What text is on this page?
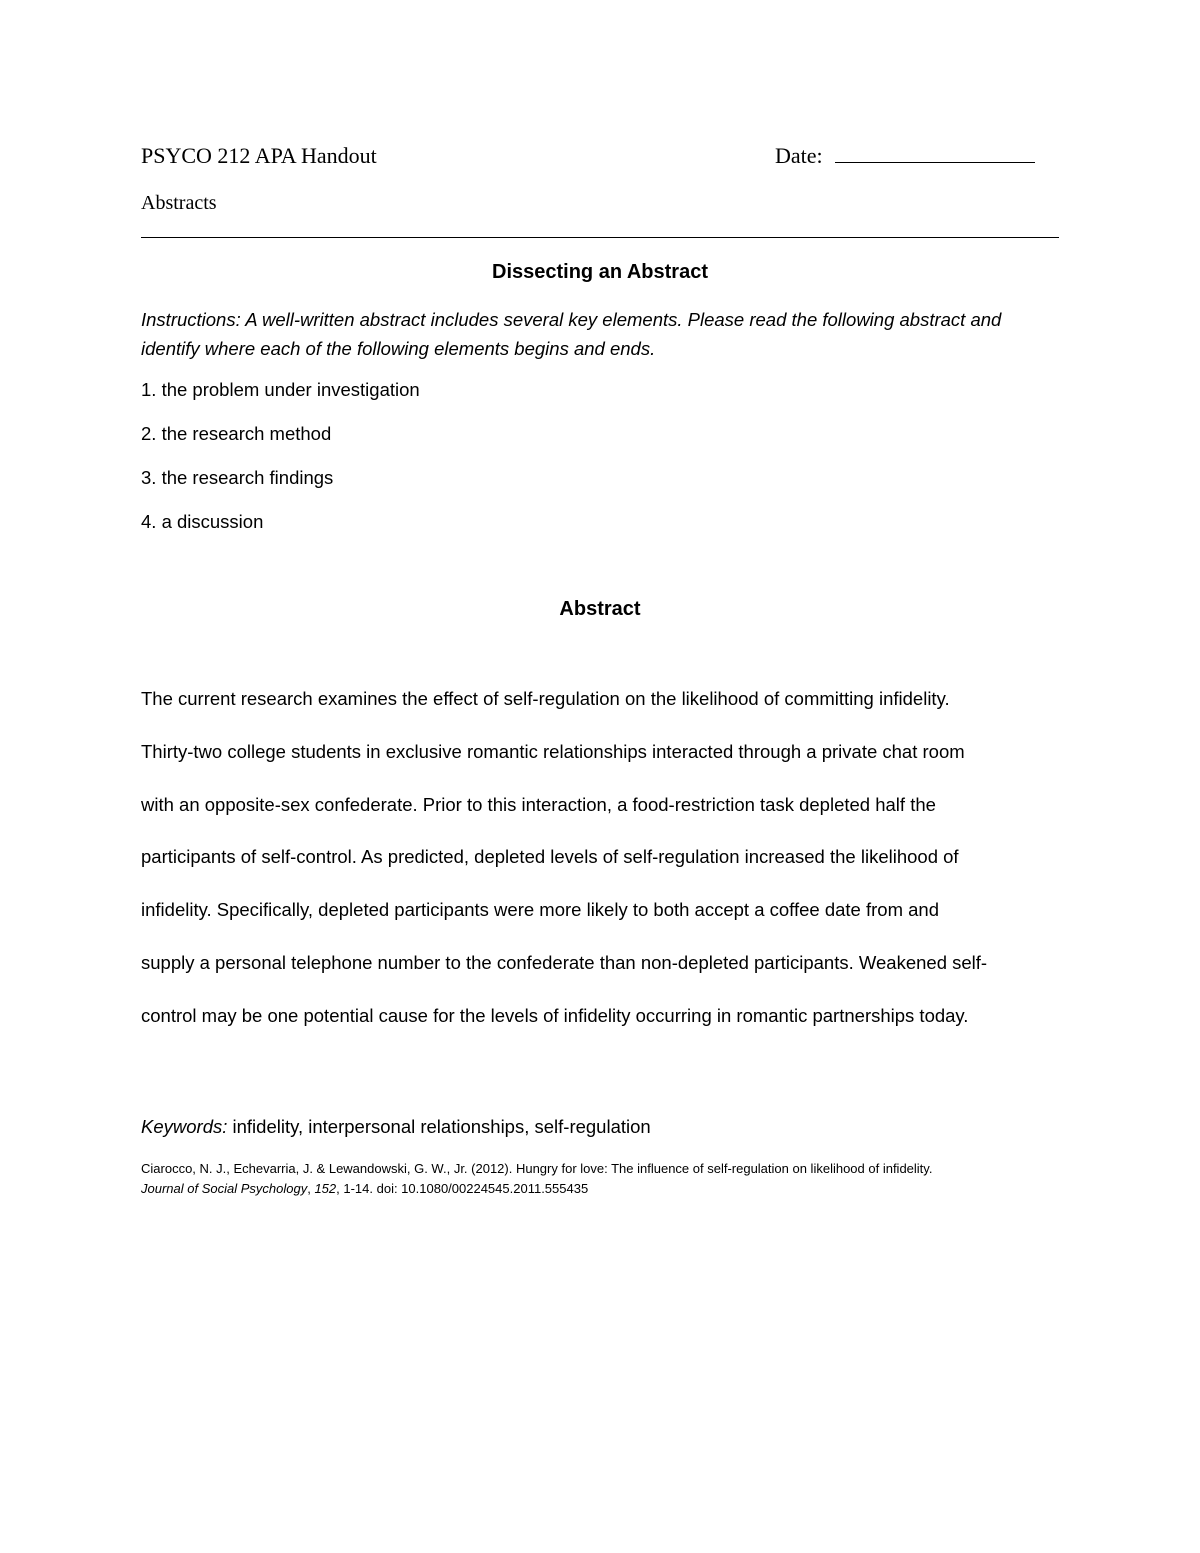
PSYCO 212 APA Handout	Date:
Abstracts
Dissecting an Abstract

Instructions: A well-written abstract includes several key elements. Please read the following abstract and identify where each of the following elements begins and ends.

1. the problem under investigation
2. the research method
3. the research findings
4. a discussion
Abstract
The current research examines the effect of self-regulation on the likelihood of committing infidelity.
Thirty-two college students in exclusive romantic relationships interacted through a private chat room
with an opposite-sex confederate. Prior to this interaction, a food-restriction task depleted half the
participants of self-control. As predicted, depleted levels of self-regulation increased the likelihood of
infidelity. Specifically, depleted participants were more likely to both accept a coffee date from and
supply a personal telephone number to the confederate than non-depleted participants. Weakened self-
control may be one potential cause for the levels of infidelity occurring in romantic partnerships today.
Keywords: infidelity, interpersonal relationships, self-regulation
Ciarocco, N. J., Echevarria, J. & Lewandowski, G. W., Jr. (2012). Hungry for love: The influence of self-regulation on likelihood of infidelity.
Journal of Social Psychology, 152, 1-14. doi: 10.1080/00224545.2011.555435
